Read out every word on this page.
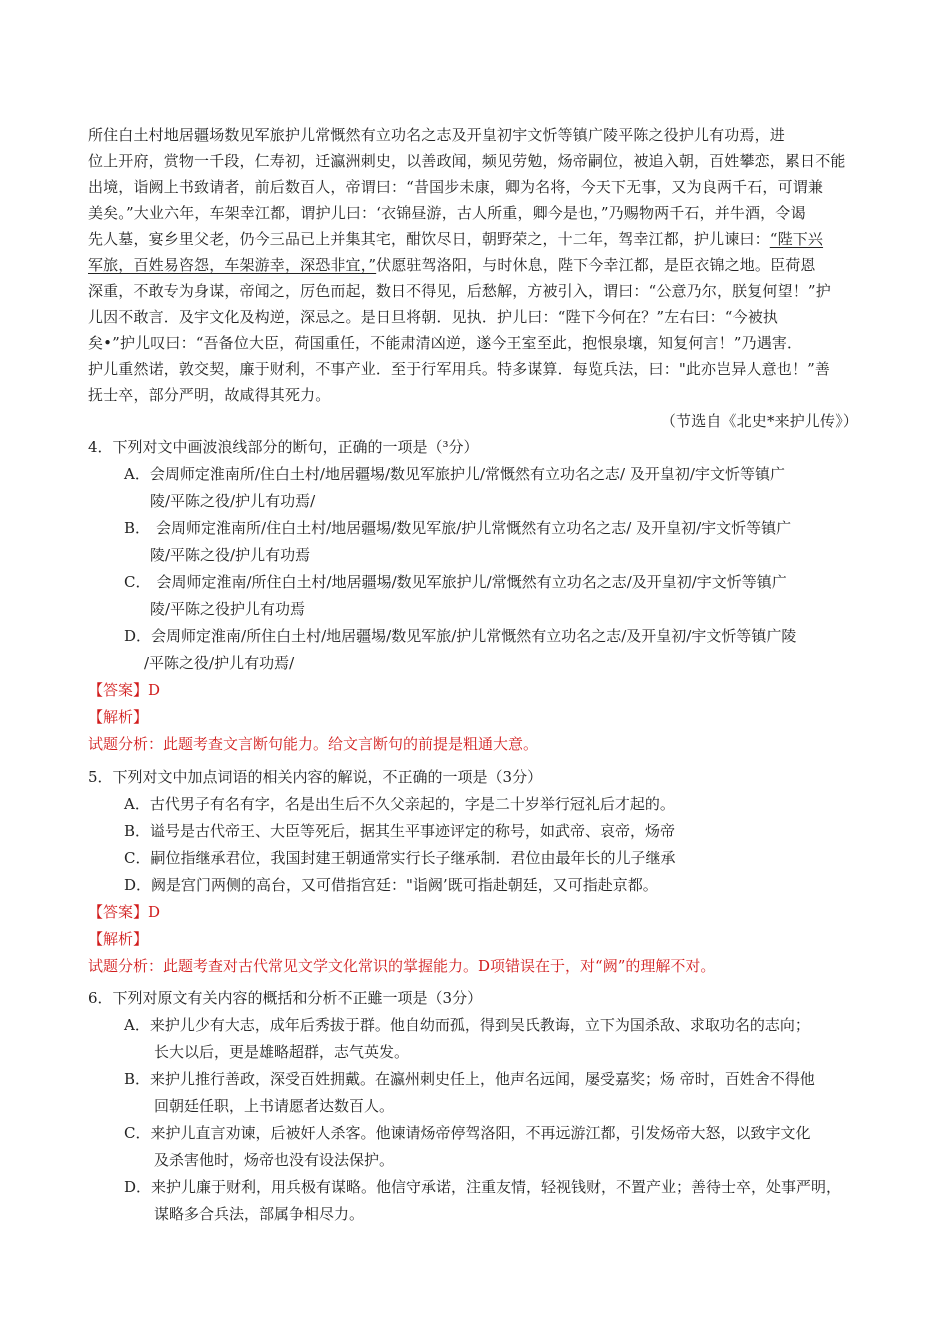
所住白土村地居疆场数见军旅护儿常慨然有立功名之志及开皇初宇文忻等镇广陵平陈之役护儿有功焉，进
位上开府，赏物一千段，仁寿初，迁瀛洲刺史，以善政闻，频见劳勉，炀帝嗣位，被追入朝，百姓攀恋，累日不能
出境，诣阙上书致请者，前后数百人，帝谓曰：“昔国步未康，卿为名将，今天下无事，又为良两千石，可谓兼
美矣。”大业六年，车架幸江都，谓护儿曰：‘衣锦昼游，古人所重，卿今是也，”乃赐物两千石，并牛酒，令谒
先人墓，宴乡里父老，仍今三品已上并集其宅，酣饮尽日，朝野荣之，十二年，驾幸江都，护儿谏曰：“陛下兴
军旅，百姓易咨怨，车架游幸，深恐非宜，”伏愿驻驾洛阳，与时休息，陛下今幸江都，是臣衣锦之地。臣荷恩
深重，不敢专为身谋，帝闻之，厉色而起，数日不得见，后愁解，方被引入，谓曰：“公意乃尔，朕复何望！”护
儿因不敢言．及宇文化及构逆，深忌之。是日旦将朝．见执．护儿曰：“陛下今何在？”左右曰：“今被执
矣•”护儿叹曰：“吾备位大臣，荷国重任，不能肃清凶逆，遂今王室至此，抱恨泉壤，知复何言！”乃遇害．
护儿重然诺，敦交契，廉于财利，不事产业．至于行军用兵。特多谋算．每览兵法，曰："此亦岂异人意也！”善
抚士卒，部分严明，故咸得其死力。
（节选自《北史*来护儿传》）
4．下列对文中画波浪线部分的断句，正确的一项是（³分）
A．会周师定淮南所/住白土村/地居疆埸/数见军旅护儿/常慨然有立功名之志/ 及开皇初/宇文忻等镇广
陵/平陈之役/护儿有功焉/
B． 会周师定淮南所/住白土村/地居疆埸/数见军旅/护儿常慨然有立功名之志/ 及开皇初/宇文忻等镇广
陵/平陈之役/护儿有功焉
C． 会周师定淮南/所住白土村/地居疆埸/数见军旅护儿/常慨然有立功名之志/及开皇初/宇文忻等镇广
陵/平陈之役护儿有功焉
D．会周师定淮南/所住白土村/地居疆埸/数见军旅/护儿常慨然有立功名之志/及开皇初/宇文忻等镇广陵
/平陈之役/护儿有功焉/
【答案】D
【解析】
试题分析：此题考查文言断句能力。给文言断句的前提是粗通大意。
5．下列对文中加点词语的相关内容的解说，不正确的一项是（3分）
A．古代男子有名有字，名是出生后不久父亲起的，字是二十岁举行冠礼后才起的。
B．谥号是古代帝王、大臣等死后，据其生平事迹评定的称号，如武帝、哀帝，炀帝
C．嗣位指继承君位，我国封建王朝通常实行长子继承制．君位由最年长的儿子继承
D．阙是宫门两侧的高台，又可借指宫廷："诣阙’既可指赴朝廷，又可指赴京都。
【答案】D
【解析】
试题分析：此题考查对古代常见文学文化常识的掌握能力。D项错误在于，对“阙”的理解不对。
6．下列对原文有关内容的概括和分析不正雖一项是（3分）
A．来护儿少有大志，成年后秀拔于群。他自幼而孤，得到吴氏教诲，立下为国杀敌、求取功名的志向；
长大以后，更是雄略超群，志气英发。
B．来护儿推行善政，深受百姓拥戴。在瀛州刺史任上，他声名远闻，屡受嘉奖；炀 帝时，百姓舍不得他
回朝廷任职，上书请愿者达数百人。
C．来护儿直言劝谏，后被奸人杀客。他谏请炀帝停驾洛阳，不再远游江都，引发炀帝大怒，以致宇文化
及杀害他时，炀帝也没有设法保护。
D．来护儿廉于财利，用兵极有谋略。他信守承诺，注重友情，轻视钱财，不置产业；善待士卒，处事严明，
谋略多合兵法，部属争相尽力。
